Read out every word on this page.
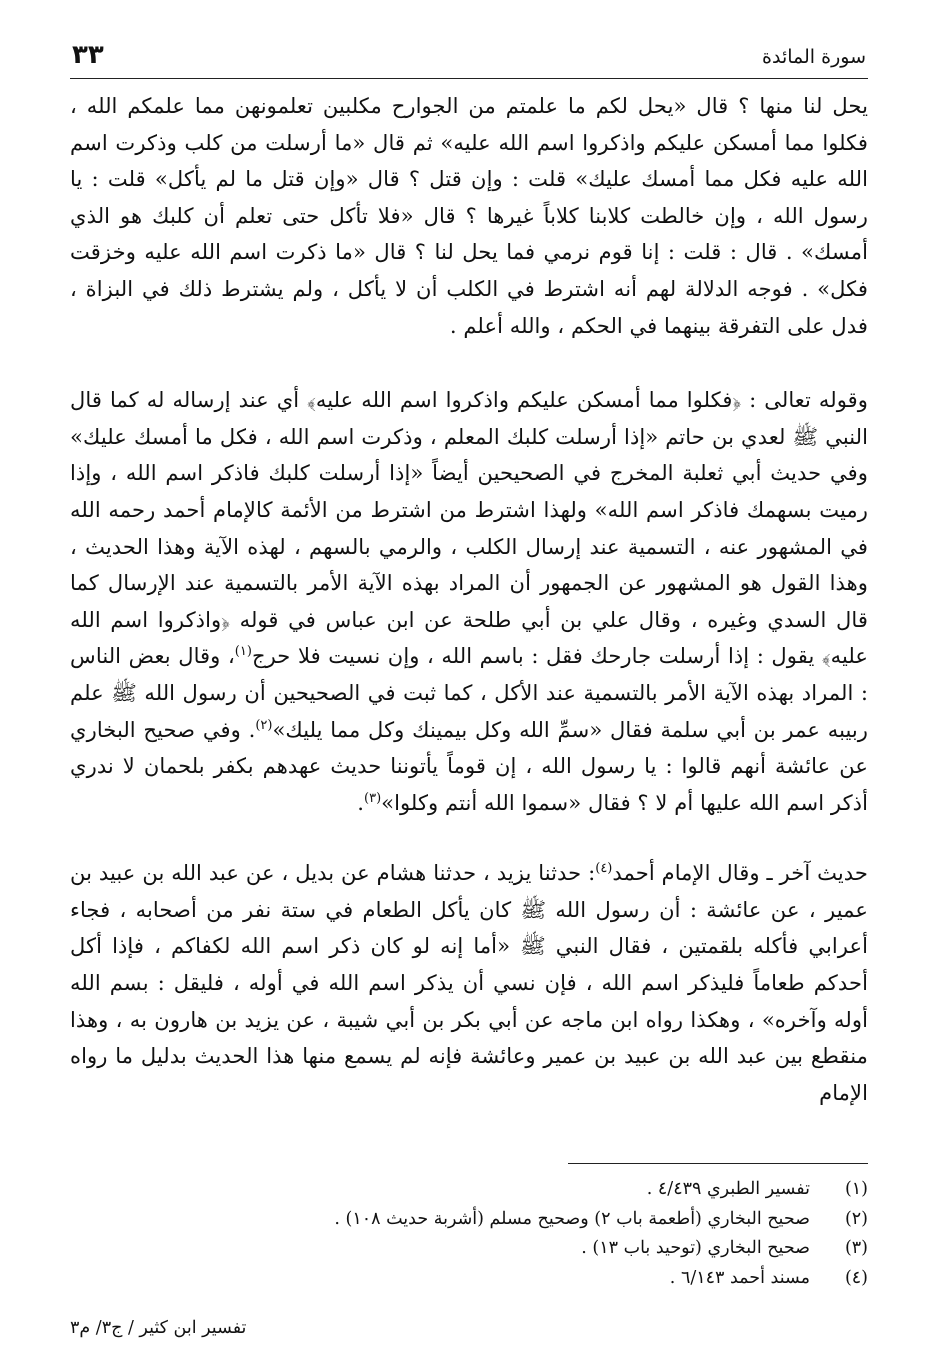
سورة المائدة
٣٣

يحل لنا منها ؟ قال «يحل لكم ما علمتم من الجوارح مكلبين تعلمونهن مما علمكم الله ، فكلوا مما أمسكن عليكم واذكروا اسم الله عليه» ثم قال «ما أرسلت من كلب وذكرت اسم الله عليه فكل مما أمسك عليك» قلت : وإن قتل ؟ قال «وإن قتل ما لم يأكل» قلت : يا رسول الله ، وإن خالطت كلابنا كلاباً غيرها ؟ قال «فلا تأكل حتى تعلم أن كلبك هو الذي أمسك» . قال : قلت : إنا قوم نرمي فما يحل لنا ؟ قال «ما ذكرت اسم الله عليه وخزقت فكل» . فوجه الدلالة لهم أنه اشترط في الكلب أن لا يأكل ، ولم يشترط ذلك في البزاة ، فدل على التفرقة بينهما في الحكم ، والله أعلم .

وقوله تعالى : ﴿فكلوا مما أمسكن عليكم واذكروا اسم الله عليه﴾ أي عند إرساله له كما قال النبي ﷺ لعدي بن حاتم «إذا أرسلت كلبك المعلم ، وذكرت اسم الله ، فكل ما أمسك عليك» وفي حديث أبي ثعلبة المخرج في الصحيحين أيضاً «إذا أرسلت كلبك فاذكر اسم الله ، وإذا رميت بسهمك فاذكر اسم الله» ولهذا اشترط من اشترط من الأئمة كالإمام أحمد رحمه الله في المشهور عنه ، التسمية عند إرسال الكلب ، والرمي بالسهم ، لهذه الآية وهذا الحديث ، وهذا القول هو المشهور عن الجمهور أن المراد بهذه الآية الأمر بالتسمية عند الإرسال كما قال السدي وغيره ، وقال علي بن أبي طلحة عن ابن عباس في قوله ﴿واذكروا اسم الله عليه﴾ يقول : إذا أرسلت جارحك فقل : باسم الله ، وإن نسيت فلا حرج$^{(١)}$، وقال بعض الناس : المراد بهذه الآية الأمر بالتسمية عند الأكل ، كما ثبت في الصحيحين أن رسول الله ﷺ علم ربيبه عمر بن أبي سلمة فقال «سمِّ الله وكل بيمينك وكل مما يليك»$^{(٢)}$. وفي صحيح البخاري عن عائشة أنهم قالوا : يا رسول الله ، إن قوماً يأتوننا حديث عهدهم بكفر بلحمان لا ندري أذكر اسم الله عليها أم لا ؟ فقال «سموا الله أنتم وكلوا»$^{(٣)}$.

حديث آخر ـ وقال الإمام أحمد$^{(٤)}$: حدثنا يزيد ، حدثنا هشام عن بديل ، عن عبد الله بن عبيد بن عمير ، عن عائشة : أن رسول الله ﷺ كان يأكل الطعام في ستة نفر من أصحابه ، فجاء أعرابي فأكله بلقمتين ، فقال النبي ﷺ «أما إنه لو كان ذكر اسم الله لكفاكم ، فإذا أكل أحدكم طعاماً فليذكر اسم الله ، فإن نسي أن يذكر اسم الله في أوله ، فليقل : بسم الله أوله وآخره» ، وهكذا رواه ابن ماجه عن أبي بكر بن أبي شيبة ، عن يزيد بن هارون به ، وهذا منقطع بين عبد الله بن عبيد بن عمير وعائشة فإنه لم يسمع منها هذا الحديث بدليل ما رواه الإمام

(١)
تفسير الطبري ٤/٤٣٩ .
(٢)
صحيح البخاري (أطعمة باب ٢) وصحيح مسلم (أشربة حديث ١٠٨) .
(٣)
صحيح البخاري (توحيد باب ١٣) .
(٤)
مسند أحمد ٦/١٤٣ .
تفسير ابن كثير / ج٣/ م٣
